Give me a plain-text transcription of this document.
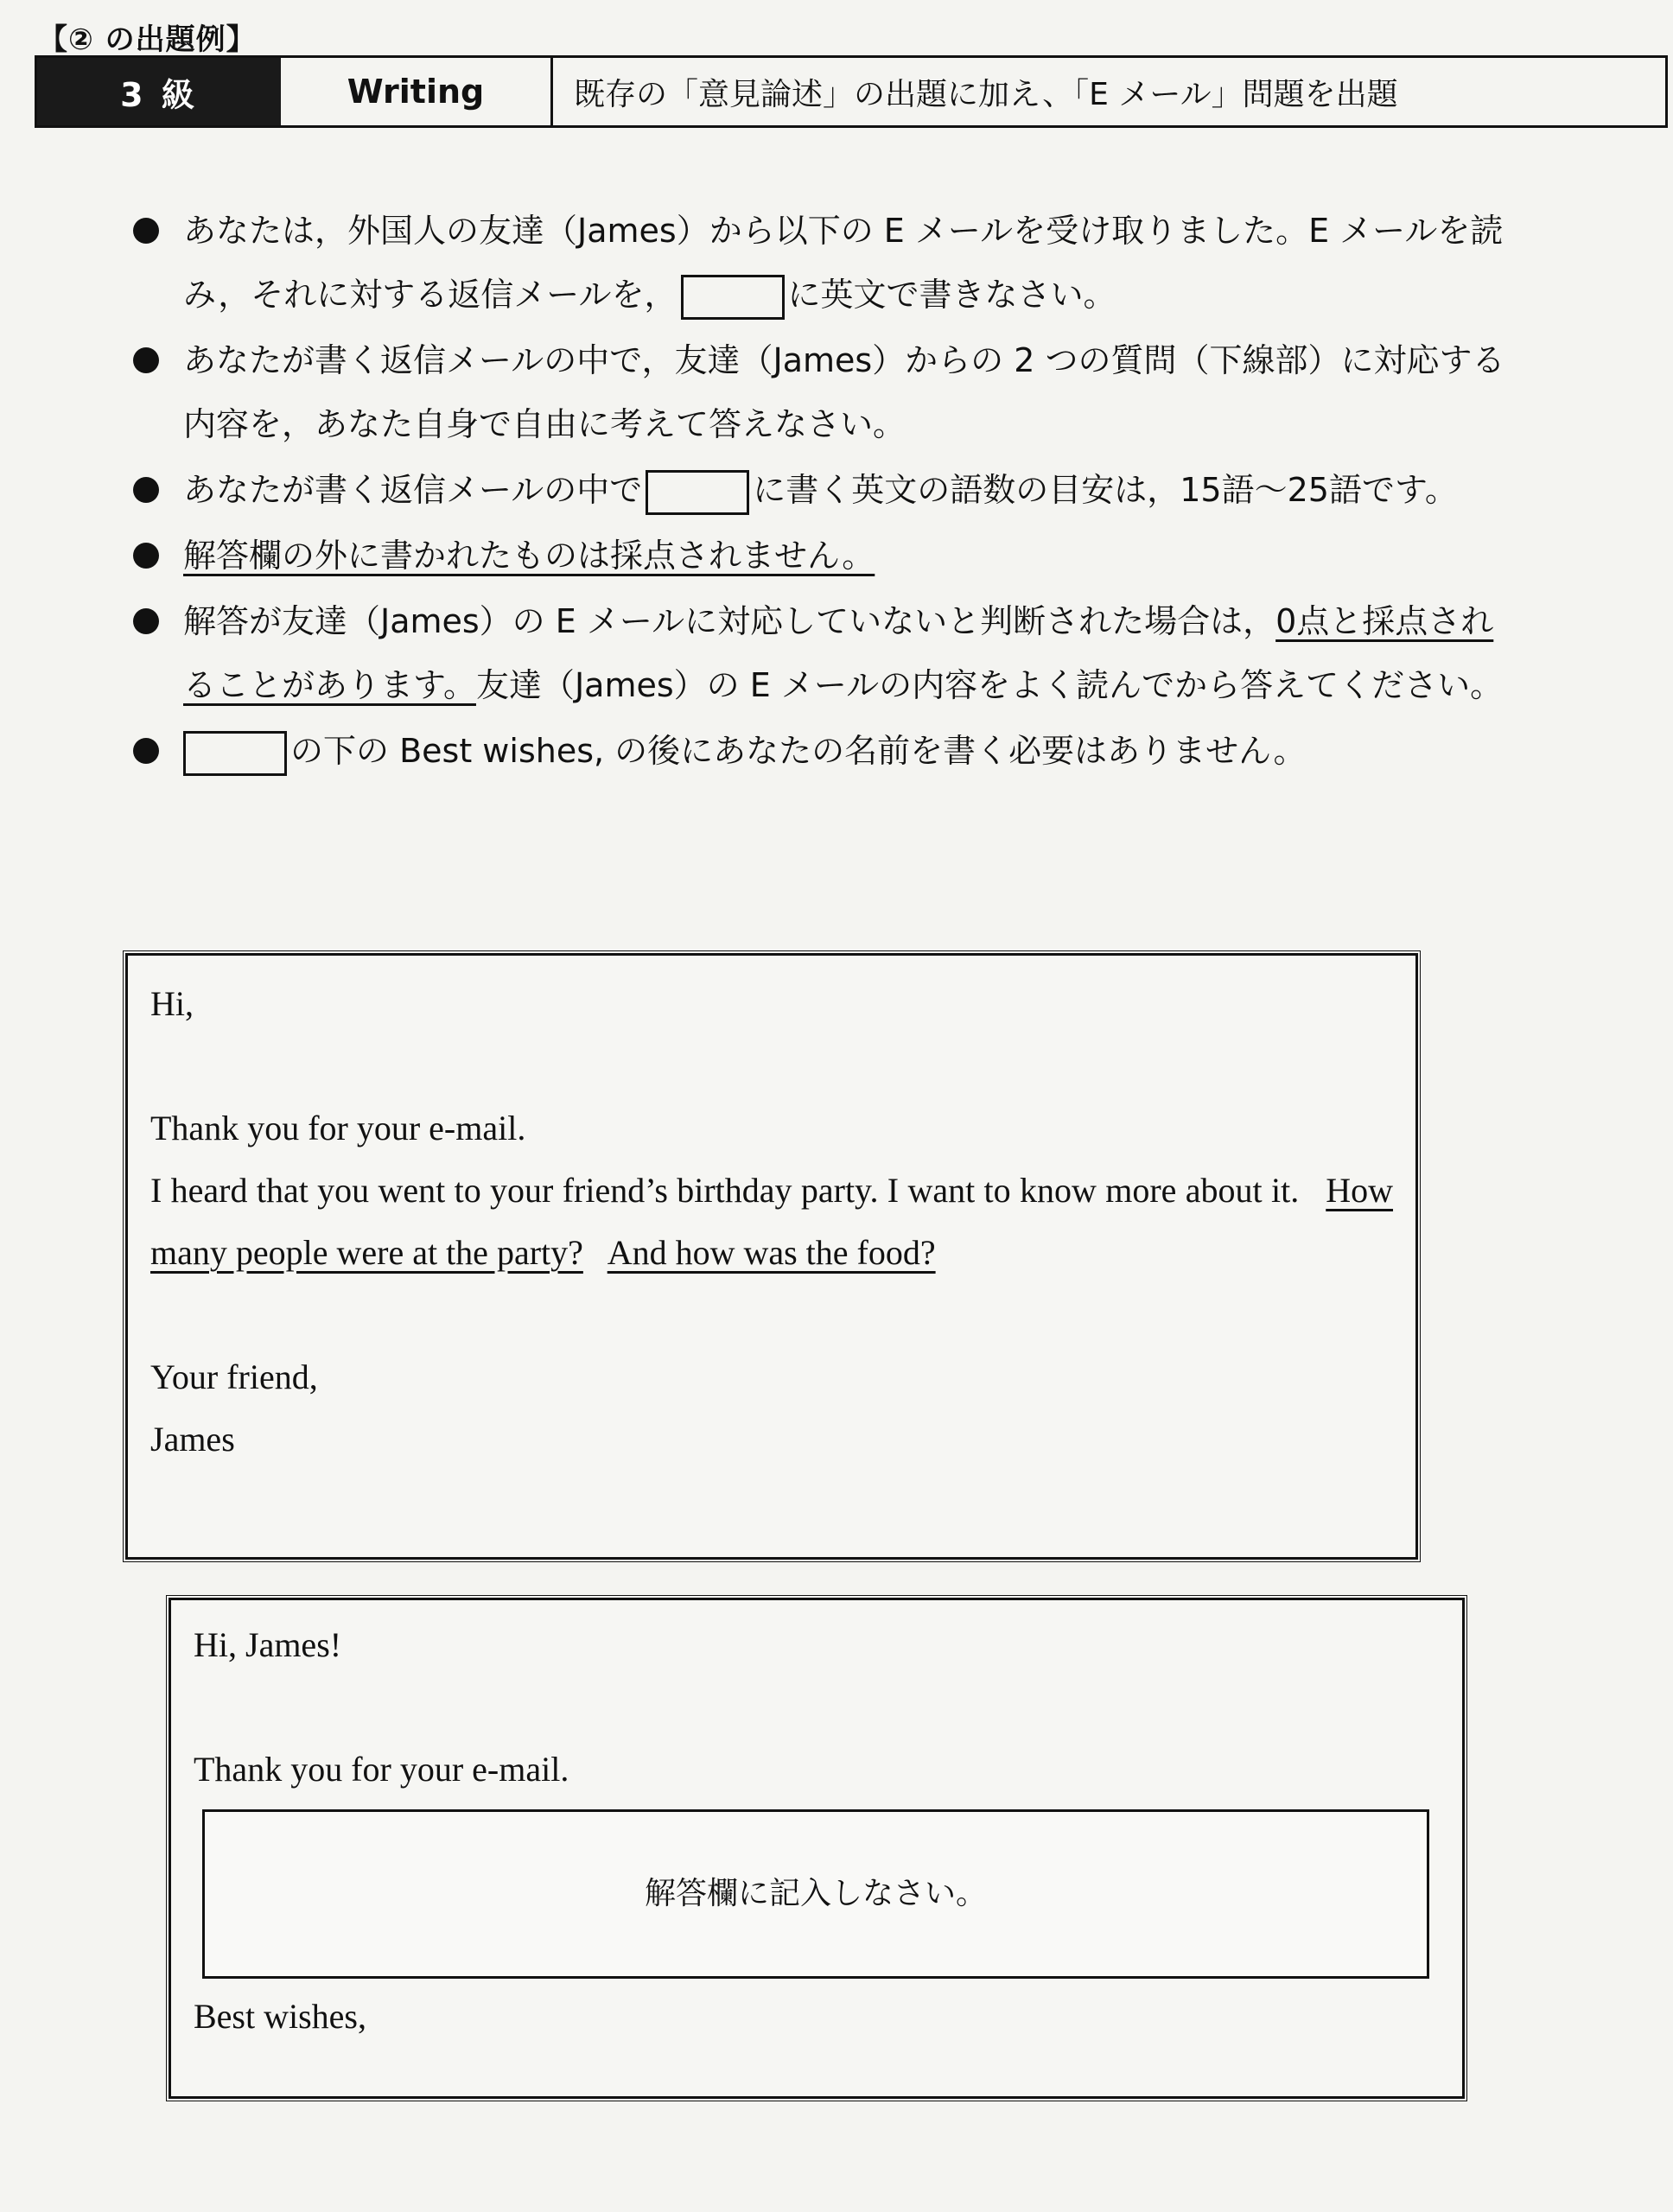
【② の出題例】
3 級	Writing	既存の「意見論述」の出題に加え、「E メール」問題を出題
あなたは，外国人の友達（James）から以下の E メールを受け取りました。E メールを読み，それに対する返信メールを，	に英文で書きなさい。
あなたが書く返信メールの中で，友達（James）からの 2 つの質問（下線部）に対応する内容を，あなた自身で自由に考えて答えなさい。
あなたが書く返信メールの中で	に書く英文の語数の目安は，15語～25語です。
解答欄の外に書かれたものは採点されません。
解答が友達（James）の E メールに対応していないと判断された場合は，0点と採点されることがあります。友達（James）の E メールの内容をよく読んでから答えてください。
の下の Best wishes, の後にあなたの名前を書く必要はありません。

Hi,

Thank you for your e-mail.

I heard that you went to your friend’s birthday party. I want to know more about it. How many people were at the party? And how was the food?

Your friend,

James

Hi, James!

Thank you for your e-mail.

解答欄に記入しなさい。

Best wishes,
